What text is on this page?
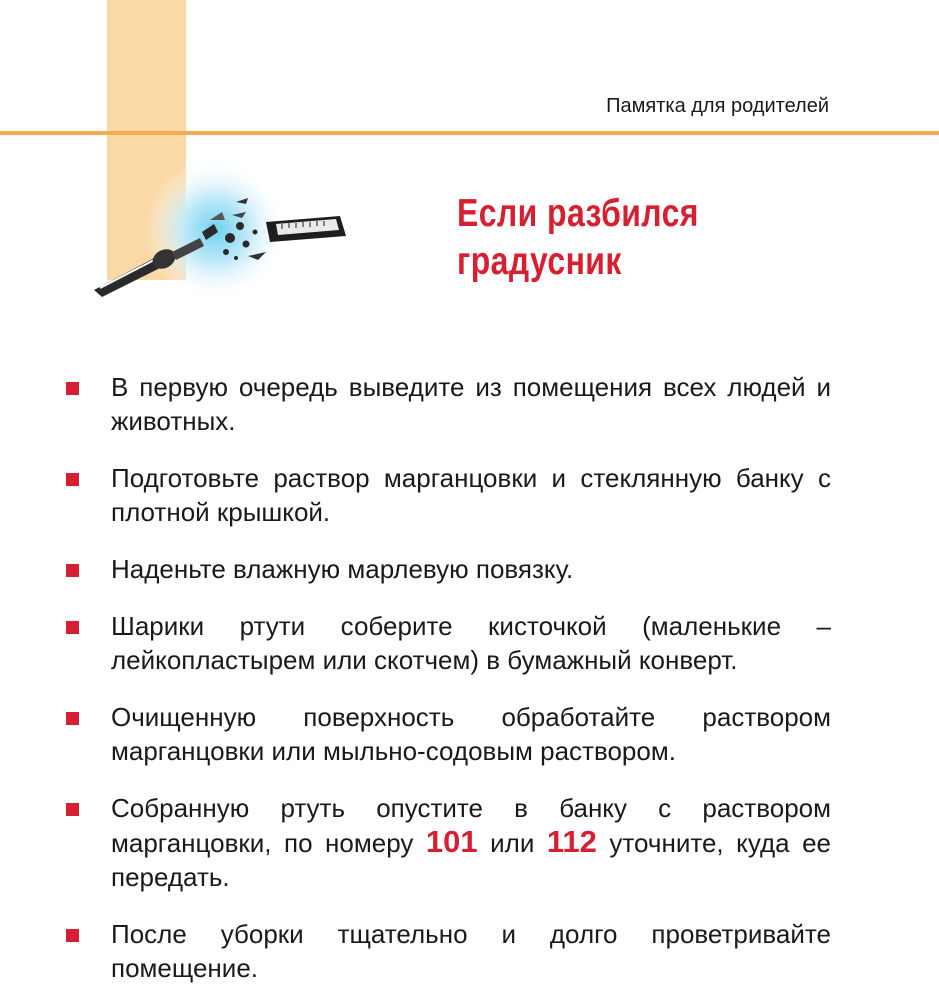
Памятка для родителей
Если разбился
градусник
В первую очередь выведите из помещения всех людей и животных.
Подготовьте раствор марганцовки и стеклянную банку с плотной крышкой.
Наденьте влажную марлевую повязку.
Шарики ртути соберите кисточкой (маленькие – лейкопластырем или скотчем) в бумажный конверт.
Очищенную поверхность обработайте раствором марганцовки или мыльно-содовым раствором.
Собранную ртуть опустите в банку с раствором марганцовки, по номеру 101 или 112 уточните, куда ее передать.
После уборки тщательно и долго проветривайте помещение.
